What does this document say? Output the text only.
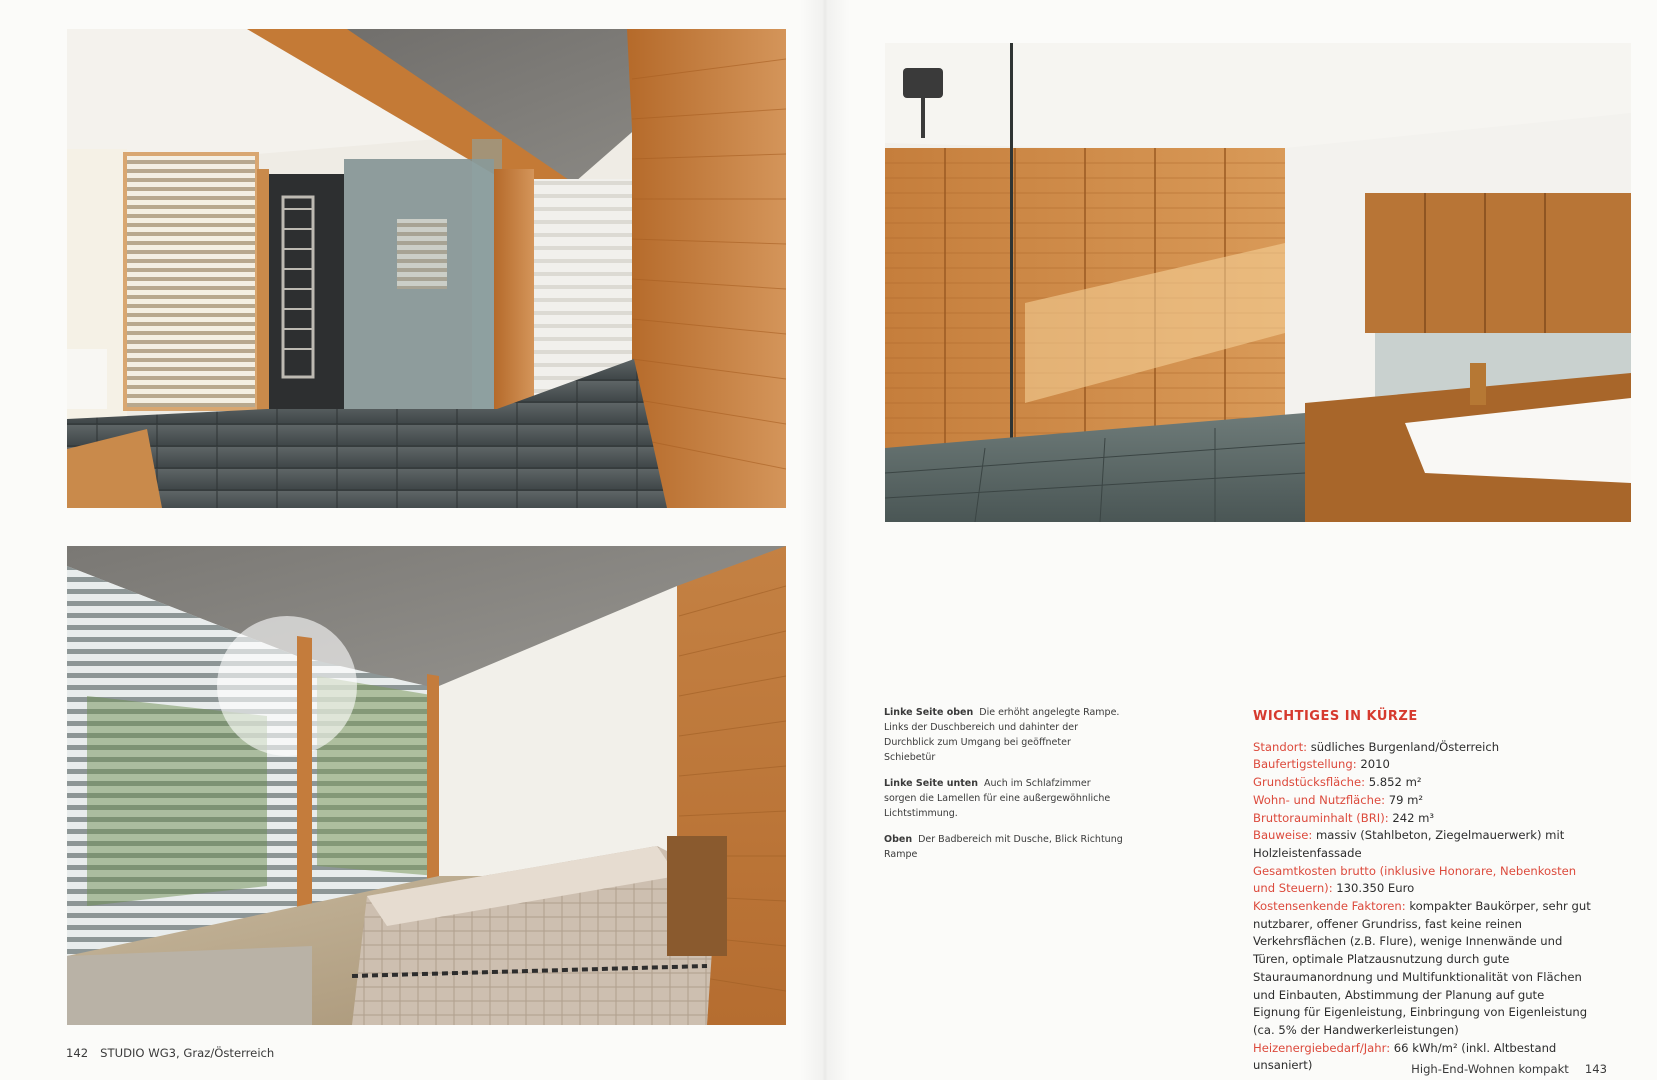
Linke Seite oben Die erhöht angelegte Rampe. Links der Duschbereich und dahinter der Durchblick zum Umgang bei geöffneter Schiebetür
Linke Seite unten Auch im Schlafzimmer sorgen die Lamellen für eine außergewöhnliche Lichtstimmung.
Oben Der Badbereich mit Dusche, Blick Richtung Rampe
WICHTIGES IN KÜRZE
Standort: südliches Burgenland/Österreich
Baufertigstellung: 2010
Grundstücksfläche: 5.852 m²
Wohn- und Nutzfläche: 79 m²
Bruttorauminhalt (BRI): 242 m³
Bauweise: massiv (Stahlbeton, Ziegelmauerwerk) mit Holzleistenfassade
Gesamtkosten brutto (inklusive Honorare, Nebenkosten und Steuern): 130.350 Euro
Kostensenkende Faktoren: kompakter Baukörper, sehr gut nutzbarer, offener Grundriss, fast keine reinen Verkehrsflächen (z.B. Flure), wenige Innenwände und Türen, optimale Platzausnutzung durch gute Stauraumanordnung und Multifunktionalität von Flächen und Einbauten, Abstimmung der Planung auf gute Eignung für Eigenleistung, Einbringung von Eigenleistung (ca. 5% der Handwerkerleistungen)
Heizenergiebedarf/Jahr: 66 kWh/m² (inkl. Altbestand unsaniert)
142 STUDIO WG3, Graz/Österreich
High-End-Wohnen kompakt 143
